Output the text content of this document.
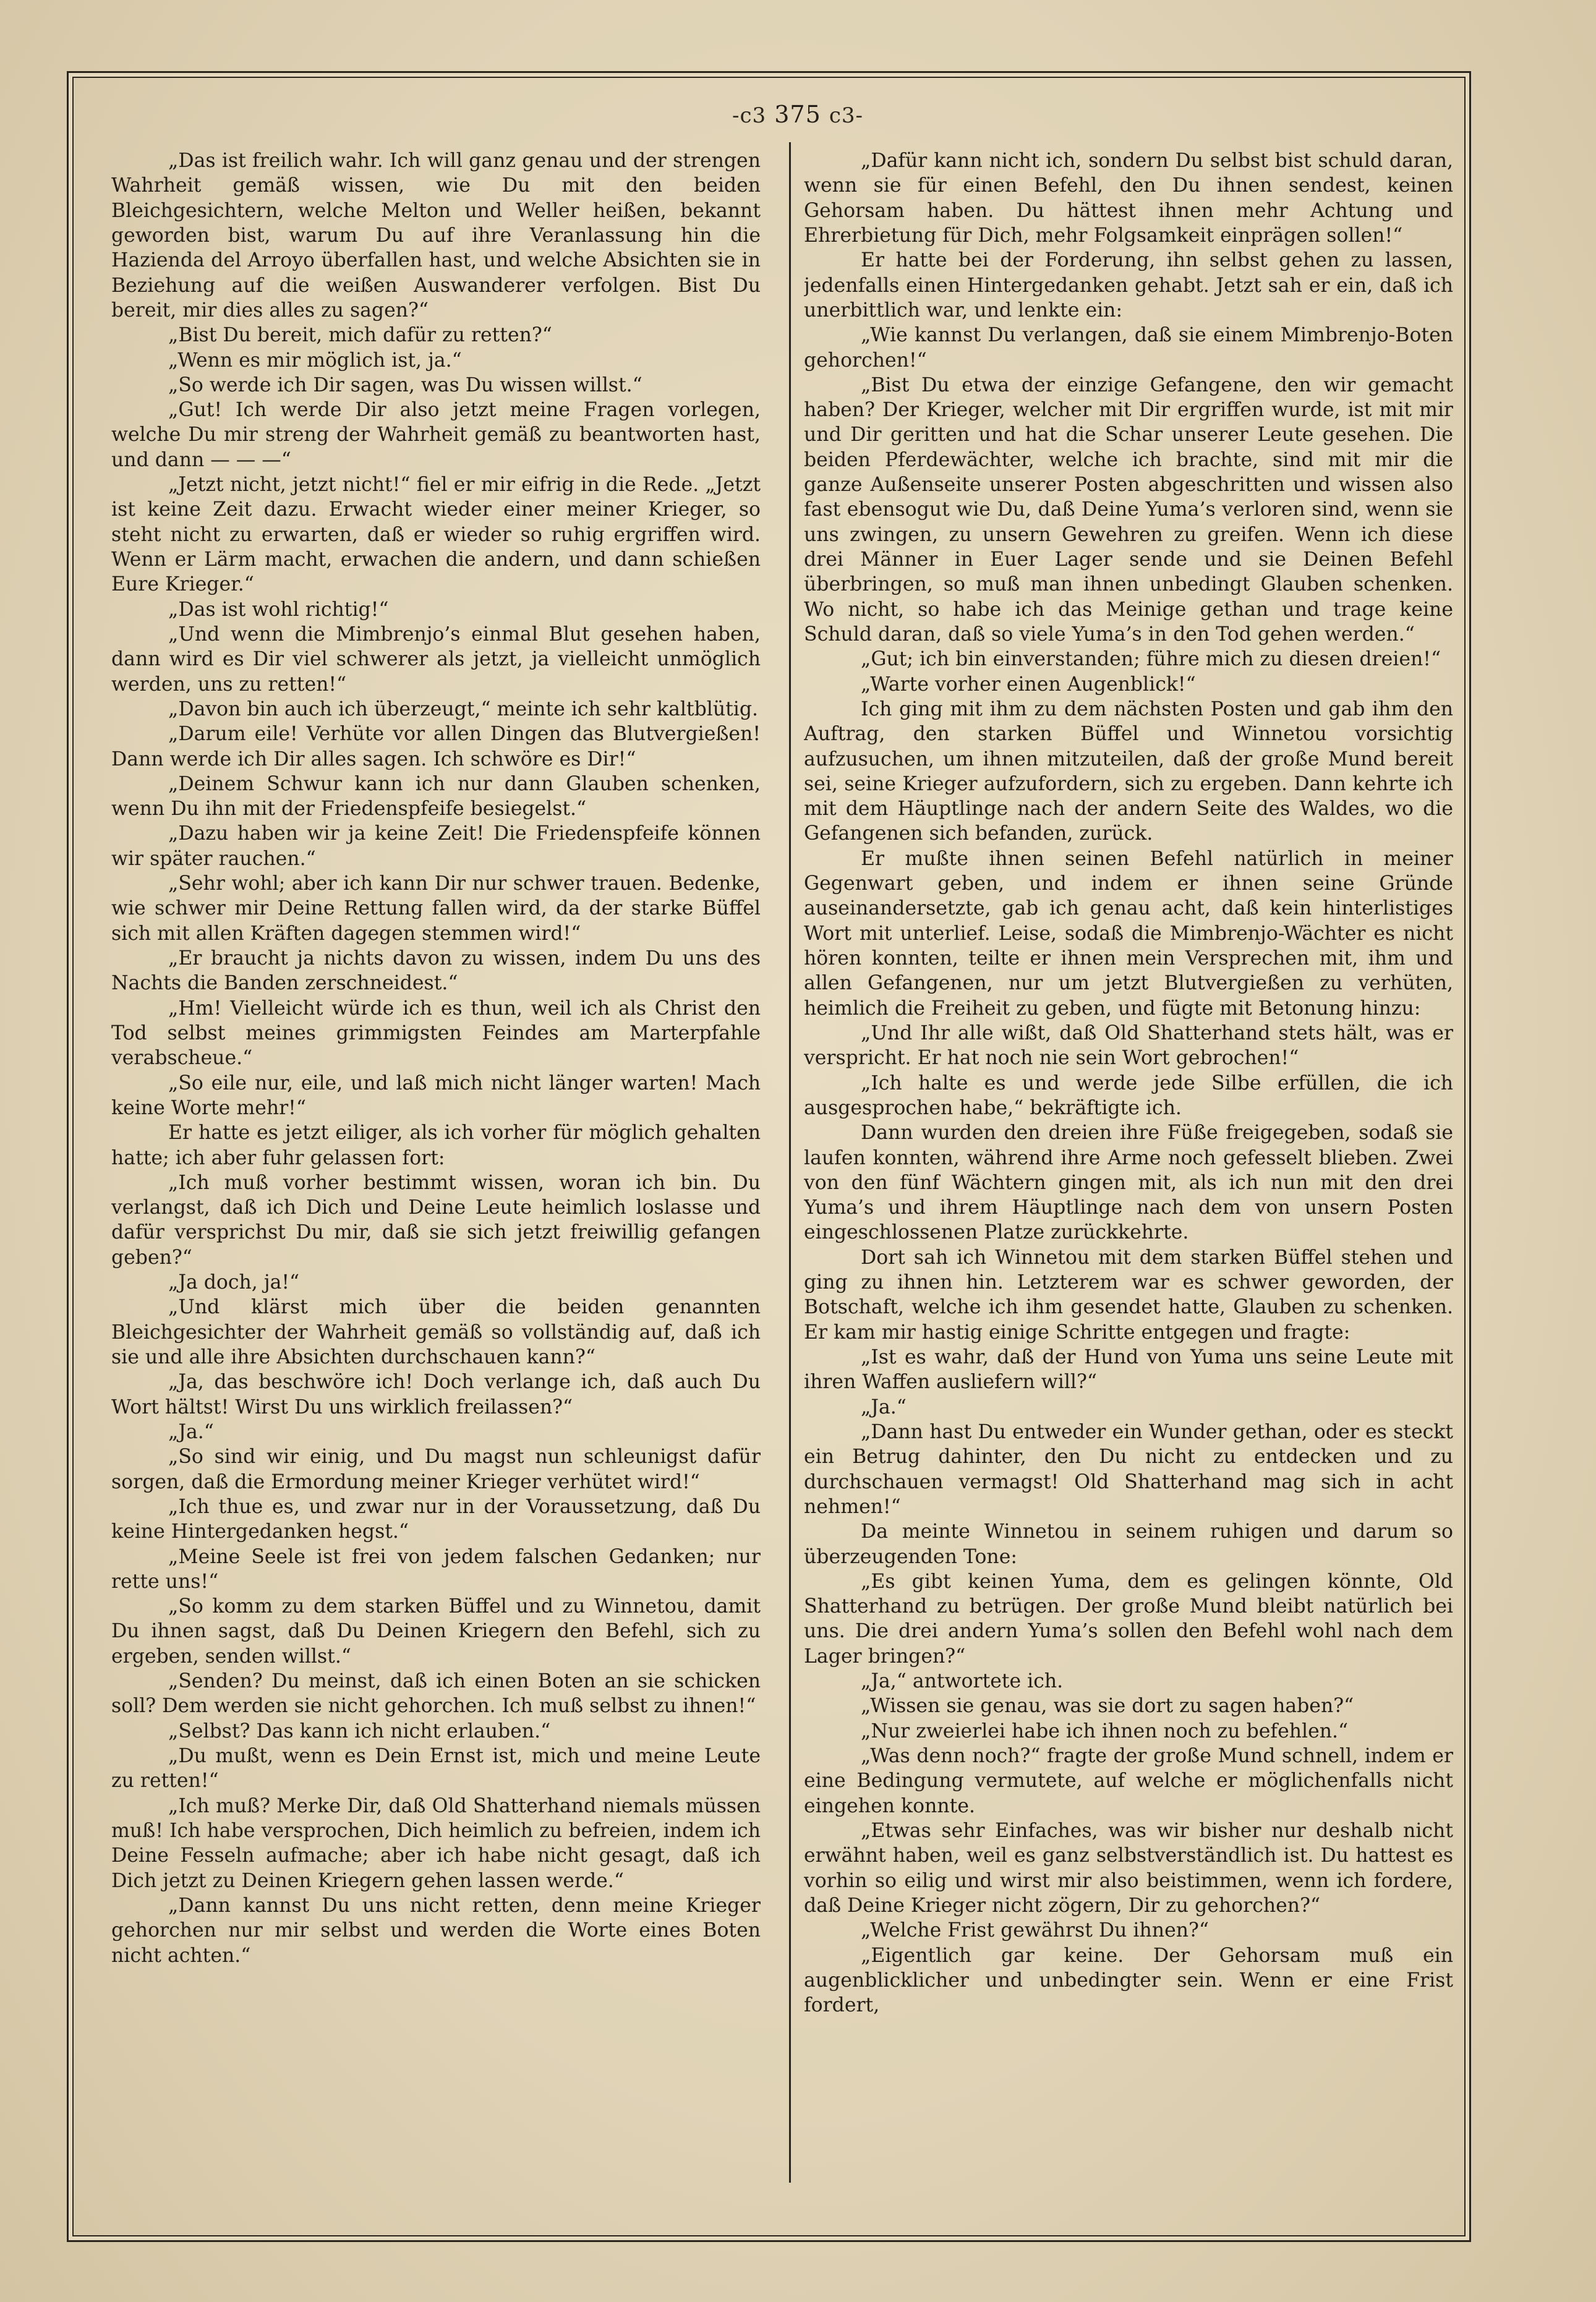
-c3 375 c3-

„Das ist freilich wahr. Ich will ganz genau und der strengen Wahrheit gemäß wissen, wie Du mit den beiden Bleichgesichtern, welche Melton und Weller heißen, bekannt geworden bist, warum Du auf ihre Veranlassung hin die Hazienda del Arroyo überfallen hast, und welche Absichten sie in Beziehung auf die weißen Auswanderer verfolgen. Bist Du bereit, mir dies alles zu sagen?“

„Bist Du bereit, mich dafür zu retten?“

„Wenn es mir möglich ist, ja.“

„So werde ich Dir sagen, was Du wissen willst.“

„Gut! Ich werde Dir also jetzt meine Fragen vorlegen, welche Du mir streng der Wahrheit gemäß zu beantworten hast, und dann — — —“

„Jetzt nicht, jetzt nicht!“ fiel er mir eifrig in die Rede. „Jetzt ist keine Zeit dazu. Erwacht wieder einer meiner Krieger, so steht nicht zu erwarten, daß er wieder so ruhig ergriffen wird. Wenn er Lärm macht, erwachen die andern, und dann schießen Eure Krieger.“

„Das ist wohl richtig!“

„Und wenn die Mimbrenjo’s einmal Blut gesehen haben, dann wird es Dir viel schwerer als jetzt, ja vielleicht unmöglich werden, uns zu retten!“

„Davon bin auch ich überzeugt,“ meinte ich sehr kaltblütig.

„Darum eile! Verhüte vor allen Dingen das Blutvergießen! Dann werde ich Dir alles sagen. Ich schwöre es Dir!“

„Deinem Schwur kann ich nur dann Glauben schenken, wenn Du ihn mit der Friedenspfeife besiegelst.“

„Dazu haben wir ja keine Zeit! Die Friedenspfeife können wir später rauchen.“

„Sehr wohl; aber ich kann Dir nur schwer trauen. Bedenke, wie schwer mir Deine Rettung fallen wird, da der starke Büffel sich mit allen Kräften dagegen stemmen wird!“

„Er braucht ja nichts davon zu wissen, indem Du uns des Nachts die Banden zerschneidest.“

„Hm! Vielleicht würde ich es thun, weil ich als Christ den Tod selbst meines grimmigsten Feindes am Marterpfahle verabscheue.“

„So eile nur, eile, und laß mich nicht länger warten! Mach keine Worte mehr!“

Er hatte es jetzt eiliger, als ich vorher für möglich gehalten hatte; ich aber fuhr gelassen fort:

„Ich muß vorher bestimmt wissen, woran ich bin. Du verlangst, daß ich Dich und Deine Leute heimlich loslasse und dafür versprichst Du mir, daß sie sich jetzt freiwillig gefangen geben?“

„Ja doch, ja!“

„Und klärst mich über die beiden genannten Bleichgesichter der Wahrheit gemäß so vollständig auf, daß ich sie und alle ihre Absichten durchschauen kann?“

„Ja, das beschwöre ich! Doch verlange ich, daß auch Du Wort hältst! Wirst Du uns wirklich freilassen?“

„Ja.“

„So sind wir einig, und Du magst nun schleunigst dafür sorgen, daß die Ermordung meiner Krieger verhütet wird!“

„Ich thue es, und zwar nur in der Voraussetzung, daß Du keine Hintergedanken hegst.“

„Meine Seele ist frei von jedem falschen Gedanken; nur rette uns!“

„So komm zu dem starken Büffel und zu Winnetou, damit Du ihnen sagst, daß Du Deinen Kriegern den Befehl, sich zu ergeben, senden willst.“

„Senden? Du meinst, daß ich einen Boten an sie schicken soll? Dem werden sie nicht gehorchen. Ich muß selbst zu ihnen!“

„Selbst? Das kann ich nicht erlauben.“

„Du mußt, wenn es Dein Ernst ist, mich und meine Leute zu retten!“

„Ich muß? Merke Dir, daß Old Shatterhand niemals müssen muß! Ich habe versprochen, Dich heimlich zu befreien, indem ich Deine Fesseln aufmache; aber ich habe nicht gesagt, daß ich Dich jetzt zu Deinen Kriegern gehen lassen werde.“

„Dann kannst Du uns nicht retten, denn meine Krieger gehorchen nur mir selbst und werden die Worte eines Boten nicht achten.“

„Dafür kann nicht ich, sondern Du selbst bist schuld daran, wenn sie für einen Befehl, den Du ihnen sendest, keinen Gehorsam haben. Du hättest ihnen mehr Achtung und Ehrerbietung für Dich, mehr Folgsamkeit einprägen sollen!“

Er hatte bei der Forderung, ihn selbst gehen zu lassen, jedenfalls einen Hintergedanken gehabt. Jetzt sah er ein, daß ich unerbittlich war, und lenkte ein:

„Wie kannst Du verlangen, daß sie einem Mimbrenjo-Boten gehorchen!“

„Bist Du etwa der einzige Gefangene, den wir gemacht haben? Der Krieger, welcher mit Dir ergriffen wurde, ist mit mir und Dir geritten und hat die Schar unserer Leute gesehen. Die beiden Pferdewächter, welche ich brachte, sind mit mir die ganze Außenseite unserer Posten abgeschritten und wissen also fast ebensogut wie Du, daß Deine Yuma’s verloren sind, wenn sie uns zwingen, zu unsern Gewehren zu greifen. Wenn ich diese drei Männer in Euer Lager sende und sie Deinen Befehl überbringen, so muß man ihnen unbedingt Glauben schenken. Wo nicht, so habe ich das Meinige gethan und trage keine Schuld daran, daß so viele Yuma’s in den Tod gehen werden.“

„Gut; ich bin einverstanden; führe mich zu diesen dreien!“

„Warte vorher einen Augenblick!“

Ich ging mit ihm zu dem nächsten Posten und gab ihm den Auftrag, den starken Büffel und Winnetou vorsichtig aufzusuchen, um ihnen mitzuteilen, daß der große Mund bereit sei, seine Krieger aufzufordern, sich zu ergeben. Dann kehrte ich mit dem Häuptlinge nach der andern Seite des Waldes, wo die Gefangenen sich befanden, zurück.

Er mußte ihnen seinen Befehl natürlich in meiner Gegenwart geben, und indem er ihnen seine Gründe auseinandersetzte, gab ich genau acht, daß kein hinterlistiges Wort mit unterlief. Leise, sodaß die Mimbrenjo-Wächter es nicht hören konnten, teilte er ihnen mein Versprechen mit, ihm und allen Gefangenen, nur um jetzt Blutvergießen zu verhüten, heimlich die Freiheit zu geben, und fügte mit Betonung hinzu:

„Und Ihr alle wißt, daß Old Shatterhand stets hält, was er verspricht. Er hat noch nie sein Wort gebrochen!“

„Ich halte es und werde jede Silbe erfüllen, die ich ausgesprochen habe,“ bekräftigte ich.

Dann wurden den dreien ihre Füße freigegeben, sodaß sie laufen konnten, während ihre Arme noch gefesselt blieben. Zwei von den fünf Wächtern gingen mit, als ich nun mit den drei Yuma’s und ihrem Häuptlinge nach dem von unsern Posten eingeschlossenen Platze zurückkehrte.

Dort sah ich Winnetou mit dem starken Büffel stehen und ging zu ihnen hin. Letzterem war es schwer geworden, der Botschaft, welche ich ihm gesendet hatte, Glauben zu schenken. Er kam mir hastig einige Schritte entgegen und fragte:

„Ist es wahr, daß der Hund von Yuma uns seine Leute mit ihren Waffen ausliefern will?“

„Ja.“

„Dann hast Du entweder ein Wunder gethan, oder es steckt ein Betrug dahinter, den Du nicht zu entdecken und zu durchschauen vermagst! Old Shatterhand mag sich in acht nehmen!“

Da meinte Winnetou in seinem ruhigen und darum so überzeugenden Tone:

„Es gibt keinen Yuma, dem es gelingen könnte, Old Shatterhand zu betrügen. Der große Mund bleibt natürlich bei uns. Die drei andern Yuma’s sollen den Befehl wohl nach dem Lager bringen?“

„Ja,“ antwortete ich.

„Wissen sie genau, was sie dort zu sagen haben?“

„Nur zweierlei habe ich ihnen noch zu befehlen.“

„Was denn noch?“ fragte der große Mund schnell, indem er eine Bedingung vermutete, auf welche er möglichenfalls nicht eingehen konnte.

„Etwas sehr Einfaches, was wir bisher nur deshalb nicht erwähnt haben, weil es ganz selbstverständlich ist. Du hattest es vorhin so eilig und wirst mir also beistimmen, wenn ich fordere, daß Deine Krieger nicht zögern, Dir zu gehorchen?“

„Welche Frist gewährst Du ihnen?“

„Eigentlich gar keine. Der Gehorsam muß ein augenblicklicher und unbedingter sein. Wenn er eine Frist fordert,
